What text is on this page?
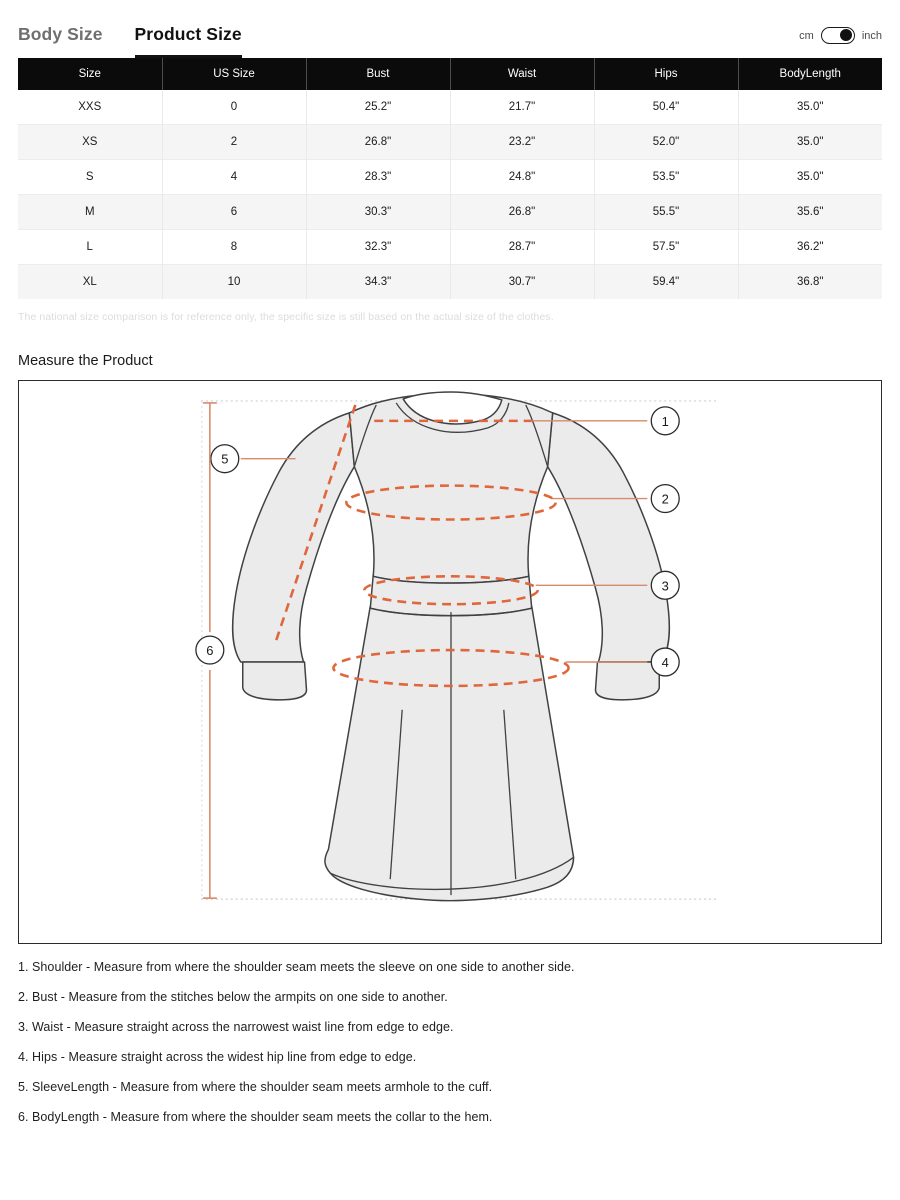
Body Size Product Size	cm	inch
Size	US Size	Bust	Waist	Hips	BodyLength
XXS	0	25.2"	21.7"	50.4"	35.0"
XS	2	26.8"	23.2"	52.0"	35.0"
S	4	28.3"	24.8"	53.5"	35.0"
M	6	30.3"	26.8"	55.5"	35.6"
L	8	32.3"	28.7"	57.5"	36.2"
XL	10	34.3"	30.7"	59.4"	36.8"

The national size comparison is for reference only, the specific size is still based on the actual size of the clothes.

Measure the Product
1
2
3
4
5
6
1. Shoulder - Measure from where the shoulder seam meets the sleeve on one side to another side.
2. Bust - Measure from the stitches below the armpits on one side to another.
3. Waist - Measure straight across the narrowest waist line from edge to edge.
4. Hips - Measure straight across the widest hip line from edge to edge.
5. SleeveLength - Measure from where the shoulder seam meets armhole to the cuff.
6. BodyLength - Measure from where the shoulder seam meets the collar to the hem.
